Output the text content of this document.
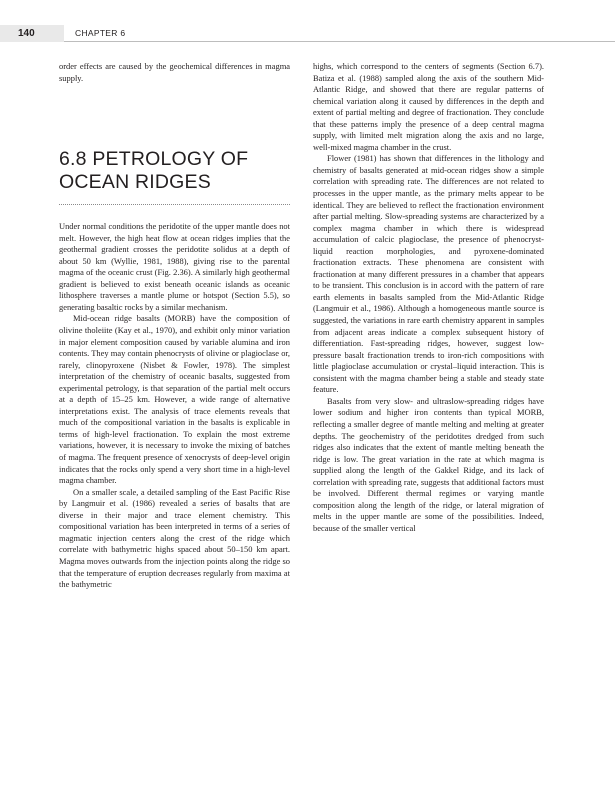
140	CHAPTER 6

order effects are caused by the geochemical differences in magma supply.

6.8 PETROLOGY OF OCEAN RIDGES

Under normal conditions the peridotite of the upper mantle does not melt. However, the high heat flow at ocean ridges implies that the geothermal gradient crosses the peridotite solidus at a depth of about 50 km (Wyllie, 1981, 1988), giving rise to the parental magma of the oceanic crust (Fig. 2.36). A similarly high geothermal gradient is believed to exist beneath oceanic islands as oceanic lithosphere traverses a mantle plume or hotspot (Section 5.5), so generating basaltic rocks by a similar mechanism.

Mid-ocean ridge basalts (MORB) have the composition of olivine tholeiite (Kay et al., 1970), and exhibit only minor variation in major element composition caused by variable alumina and iron contents. They may contain phenocrysts of olivine or plagioclase or, rarely, clinopyroxene (Nisbet & Fowler, 1978). The simplest interpretation of the chemistry of oceanic basalts, suggested from experimental petrology, is that separation of the partial melt occurs at a depth of 15–25 km. However, a wide range of alternative interpretations exist. The analysis of trace elements reveals that much of the compositional variation in the basalts is explicable in terms of high-level fractionation. To explain the most extreme variations, however, it is necessary to invoke the mixing of batches of magma. The frequent presence of xenocrysts of deep-level origin indicates that the rocks only spend a very short time in a high-level magma chamber.

On a smaller scale, a detailed sampling of the East Pacific Rise by Langmuir et al. (1986) revealed a series of basalts that are diverse in their major and trace element chemistry. This compositional variation has been interpreted in terms of a series of magmatic injection centers along the crest of the ridge which correlate with bathymetric highs spaced about 50–150 km apart. Magma moves outwards from the injection points along the ridge so that the temperature of eruption decreases regularly from maxima at the bathymetric

highs, which correspond to the centers of segments (Section 6.7). Batiza et al. (1988) sampled along the axis of the southern Mid-Atlantic Ridge, and showed that there are regular patterns of chemical variation along it caused by differences in the depth and extent of partial melting and degree of fractionation. They conclude that these patterns imply the presence of a deep central magma supply, with limited melt migration along the axis and no large, well-mixed magma chamber in the crust.

Flower (1981) has shown that differences in the lithology and chemistry of basalts generated at mid-ocean ridges show a simple correlation with spreading rate. The differences are not related to processes in the upper mantle, as the primary melts appear to be identical. They are believed to reflect the fractionation environment after partial melting. Slow-spreading systems are characterized by a complex magma chamber in which there is widespread accumulation of calcic plagioclase, the presence of phenocryst-liquid reaction morphologies, and pyroxene-dominated fractionation extracts. These phenomena are consistent with fractionation at many different pressures in a chamber that appears to be transient. This conclusion is in accord with the pattern of rare earth elements in basalts sampled from the Mid-Atlantic Ridge (Langmuir et al., 1986). Although a homogeneous mantle source is suggested, the variations in rare earth chemistry apparent in samples from adjacent areas indicate a complex subsequent history of differentiation. Fast-spreading ridges, however, suggest low-pressure basalt fractionation trends to iron-rich compositions with little plagioclase accumulation or crystal–liquid interaction. This is consistent with the magma chamber being a stable and steady state feature.

Basalts from very slow- and ultraslow-spreading ridges have lower sodium and higher iron contents than typical MORB, reflecting a smaller degree of mantle melting and melting at greater depths. The geochemistry of the peridotites dredged from such ridges also indicates that the extent of mantle melting beneath the ridge is low. The great variation in the rate at which magma is supplied along the length of the Gakkel Ridge, and its lack of correlation with spreading rate, suggests that additional factors must be involved. Different thermal regimes or varying mantle composition along the length of the ridge, or lateral migration of melts in the upper mantle are some of the possibilities. Indeed, because of the smaller vertical
